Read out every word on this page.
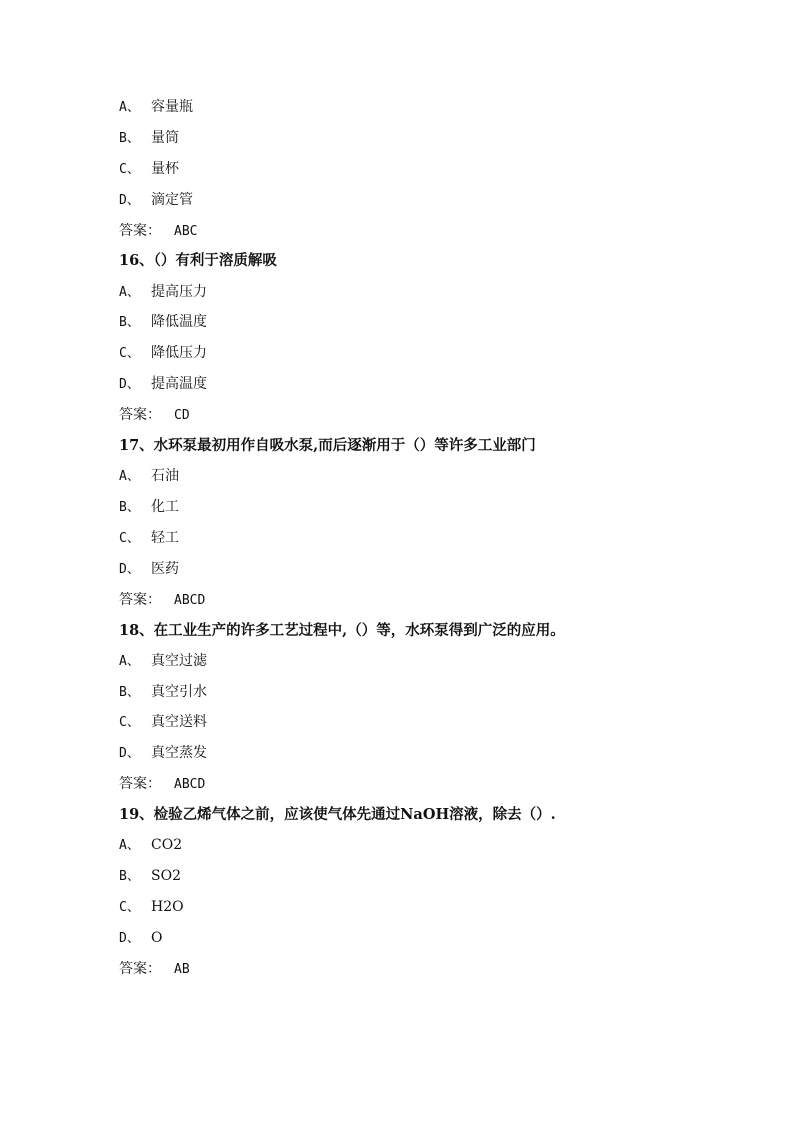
A、 容量瓶
B、 量筒
C、 量杯
D、 滴定管
答案： ABC
16、（）有利于溶质解吸
A、 提高压力
B、 降低温度
C、 降低压力
D、 提高温度
答案： CD
17、水环泵最初用作自吸水泵,而后逐渐用于（）等许多工业部门
A、 石油
B、 化工
C、 轻工
D、 医药
答案： ABCD
18、在工业生产的许多工艺过程中,（）等，水环泵得到广泛的应用。
A、 真空过滤
B、 真空引水
C、 真空送料
D、 真空蒸发
答案： ABCD
19、检验乙烯气体之前，应该使气体先通过NaOH溶液，除去（）.
A、 CO2
B、 SO2
C、 H2O
D、 O
答案： AB
